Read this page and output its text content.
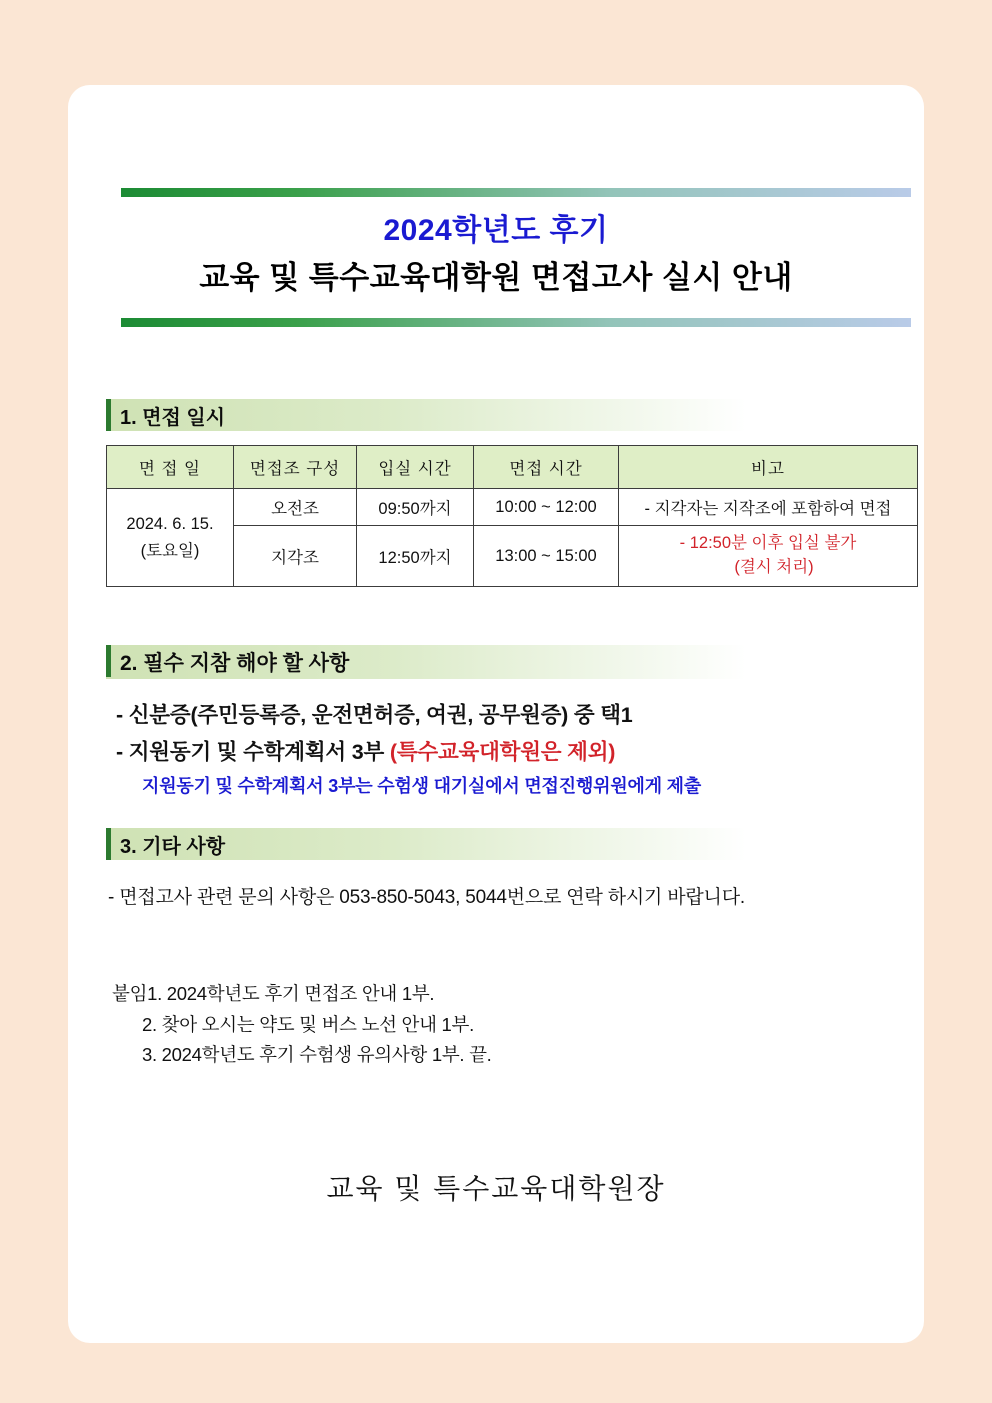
2024학년도 후기
교육 및 특수교육대학원 면접고사 실시 안내
1. 면접 일시
면 접 일	면접조 구성	입실 시간	면접 시간	비고
2024. 6. 15.
(토요일)	오전조	09:50까지	10:00 ~ 12:00	- 지각자는 지작조에 포함하여 면접
	지각조	12:50까지	13:00 ~ 15:00	- 12:50분 이후 입실 불가
(결시 처리)
2. 필수 지참 해야 할 사항
- 신분증(주민등록증, 운전면허증, 여권, 공무원증) 중 택1
- 지원동기 및 수학계획서 3부 (특수교육대학원은 제외)
지원동기 및 수학계획서 3부는 수험생 대기실에서 면접진행위원에게 제출
3. 기타 사항
- 면접고사 관련 문의 사항은 053-850-5043, 5044번으로 연락 하시기 바랍니다.
붙임1. 2024학년도 후기 면접조 안내 1부.
2. 찾아 오시는 약도 및 버스 노선 안내 1부.
3. 2024학년도 후기 수험생 유의사항 1부. 끝.
교육 및 특수교육대학원장
